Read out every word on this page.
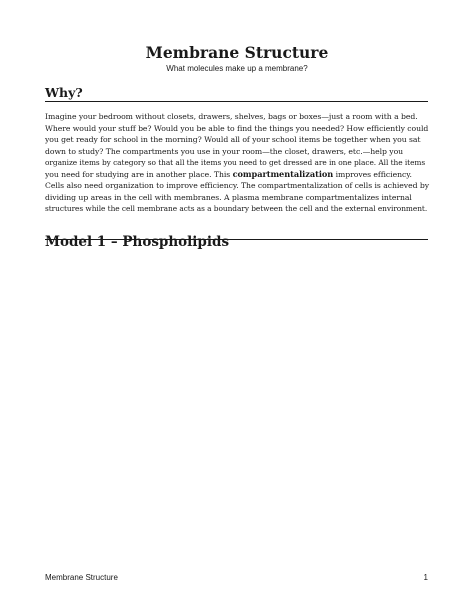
Membrane Structure
What molecules make up a membrane?
Why?
Imagine your bedroom without closets, drawers, shelves, bags or boxes—just a room with a bed.
Where would your stuff be? Would you be able to find the things you needed? How efficiently could
you get ready for school in the morning? Would all of your school items be together when you sat
down to study? The compartments you use in your room—the closet, drawers, etc.—help you
organize items by category so that all the items you need to get dressed are in one place. All the items
you need for studying are in another place. This compartmentalization improves efficiency.
Cells also need organization to improve efficiency. The compartmentalization of cells is achieved by
dividing up areas in the cell with membranes. A plasma membrane compartmentalizes internal
structures while the cell membrane acts as a boundary between the cell and the external environment.
Model 1 – Phospholipids
Membrane Structure	1
